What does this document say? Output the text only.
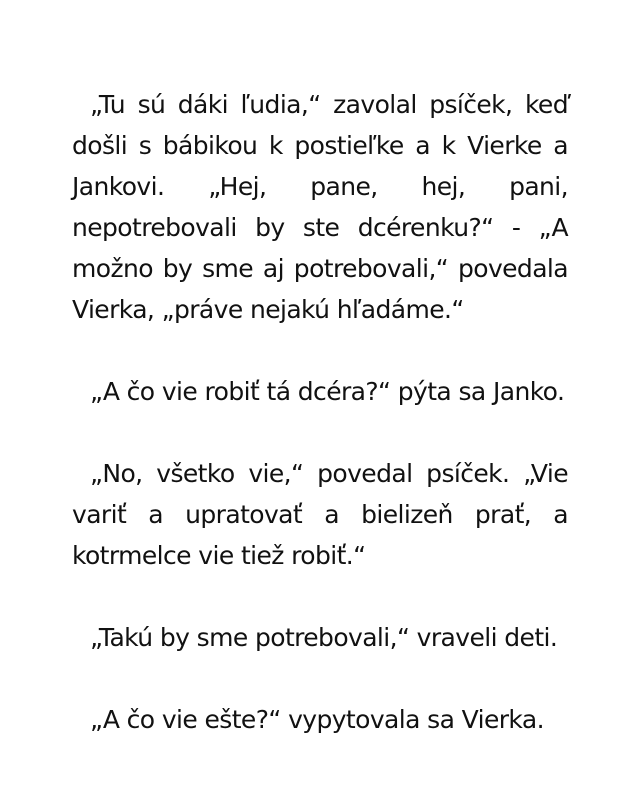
„Tu sú dáki ľudia,“ zavolal psíček, keď došli s bábikou k postieľke a k Vierke a Jankovi. „Hej, pane, hej, pani, nepotrebovali by ste dcérenku?“ - „A možno by sme aj potrebovali,“ povedala Vierka, „práve nejakú hľadáme.“

„A čo vie robiť tá dcéra?“ pýta sa Janko.

„No, všetko vie,“ povedal psíček. „Vie variť a upratovať a bielizeň prať, a kotrmelce vie tiež robiť.“

„Takú by sme potrebovali,“ vraveli deti.

„A čo vie ešte?“ vypytovala sa Vierka.
